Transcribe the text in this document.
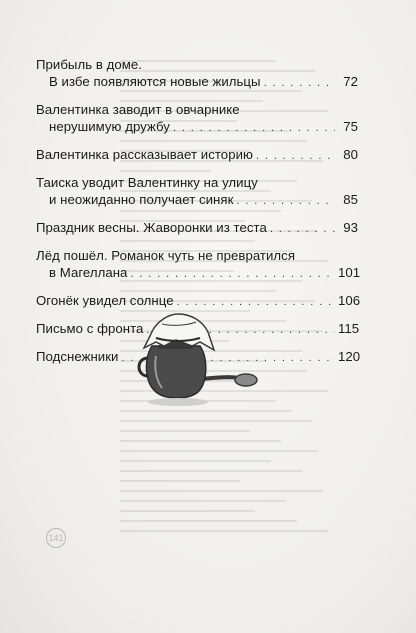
Прибыль в доме.
В избе появляются новые жильцы . . .	72
Валентинка заводит в овчарнике
нерушимую дружбу . . .	75
Валентинка рассказывает историю . . .	80
Таиска уводит Валентинку на улицу
и неожиданно получает синяк . . .	85
Праздник весны. Жаворонки из теста . . .	93
Лёд пошёл. Романок чуть не превратился
в Магеллана . . .	101
Огонёк увидел солнце . . .	106
Письмо с фронта . . .	115
Подснежники . . .	120
141
